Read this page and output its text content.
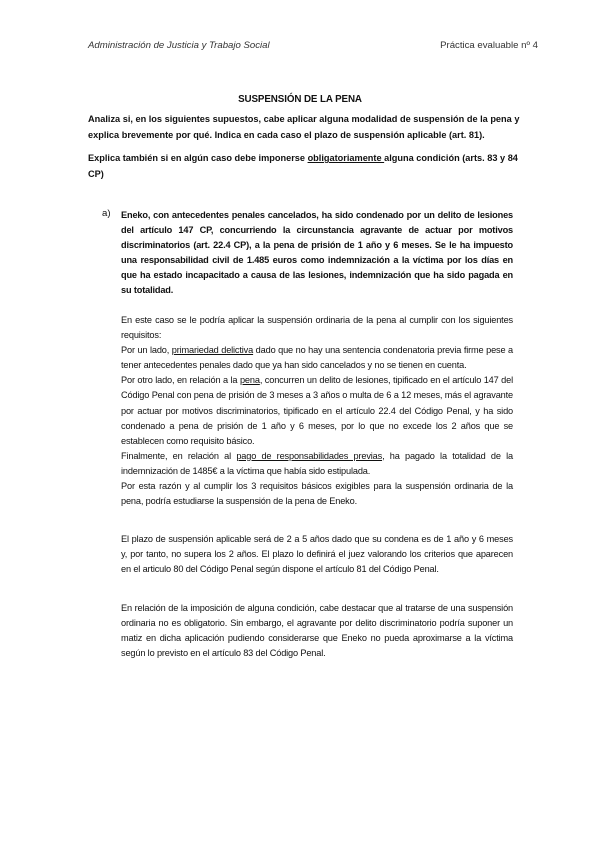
Administración de Justicia y Trabajo Social	Práctica evaluable nº 4
SUSPENSIÓN DE LA PENA
Analiza si, en los siguientes supuestos, cabe aplicar alguna modalidad de suspensión de la pena y explica brevemente por qué. Indica en cada caso el plazo de suspensión aplicable (art. 81).
Explica también si en algún caso debe imponerse obligatoriamente alguna condición (arts. 83 y 84 CP)
a) Eneko, con antecedentes penales cancelados, ha sido condenado por un delito de lesiones del artículo 147 CP, concurriendo la circunstancia agravante de actuar por motivos discriminatorios (art. 22.4 CP), a la pena de prisión de 1 año y 6 meses. Se le ha impuesto una responsabilidad civil de 1.485 euros como indemnización a la víctima por los días en que ha estado incapacitado a causa de las lesiones, indemnización que ha sido pagada en su totalidad.

En este caso se le podría aplicar la suspensión ordinaria de la pena al cumplir con los siguientes requisitos:

Por un lado, primariedad delictiva dado que no hay una sentencia condenatoria previa firme pese a tener antecedentes penales dado que ya han sido cancelados y no se tienen en cuenta.

Por otro lado, en relación a la pena, concurren un delito de lesiones, tipificado en el artículo 147 del Código Penal con pena de prisión de 3 meses a 3 años o multa de 6 a 12 meses, más el agravante por actuar por motivos discriminatorios, tipificado en el artículo 22.4 del Código Penal, y ha sido condenado a pena de prisión de 1 año y 6 meses, por lo que no excede los 2 años que se establecen como requisito básico.

Finalmente, en relación al pago de responsabilidades previas, ha pagado la totalidad de la indemnización de 1485€ a la víctima que había sido estipulada.

Por esta razón y al cumplir los 3 requisitos básicos exigibles para la suspensión ordinaria de la pena, podría estudiarse la suspensión de la pena de Eneko.

El plazo de suspensión aplicable será de 2 a 5 años dado que su condena es de 1 año y 6 meses y, por tanto, no supera los 2 años. El plazo lo definirá el juez valorando los criterios que aparecen en el articulo 80 del Código Penal según dispone el artículo 81 del Código Penal.

En relación de la imposición de alguna condición, cabe destacar que al tratarse de una suspensión ordinaria no es obligatorio. Sin embargo, el agravante por delito discriminatorio podría suponer un matiz en dicha aplicación pudiendo considerarse que Eneko no pueda aproximarse a la víctima según lo previsto en el artículo 83 del Código Penal.
